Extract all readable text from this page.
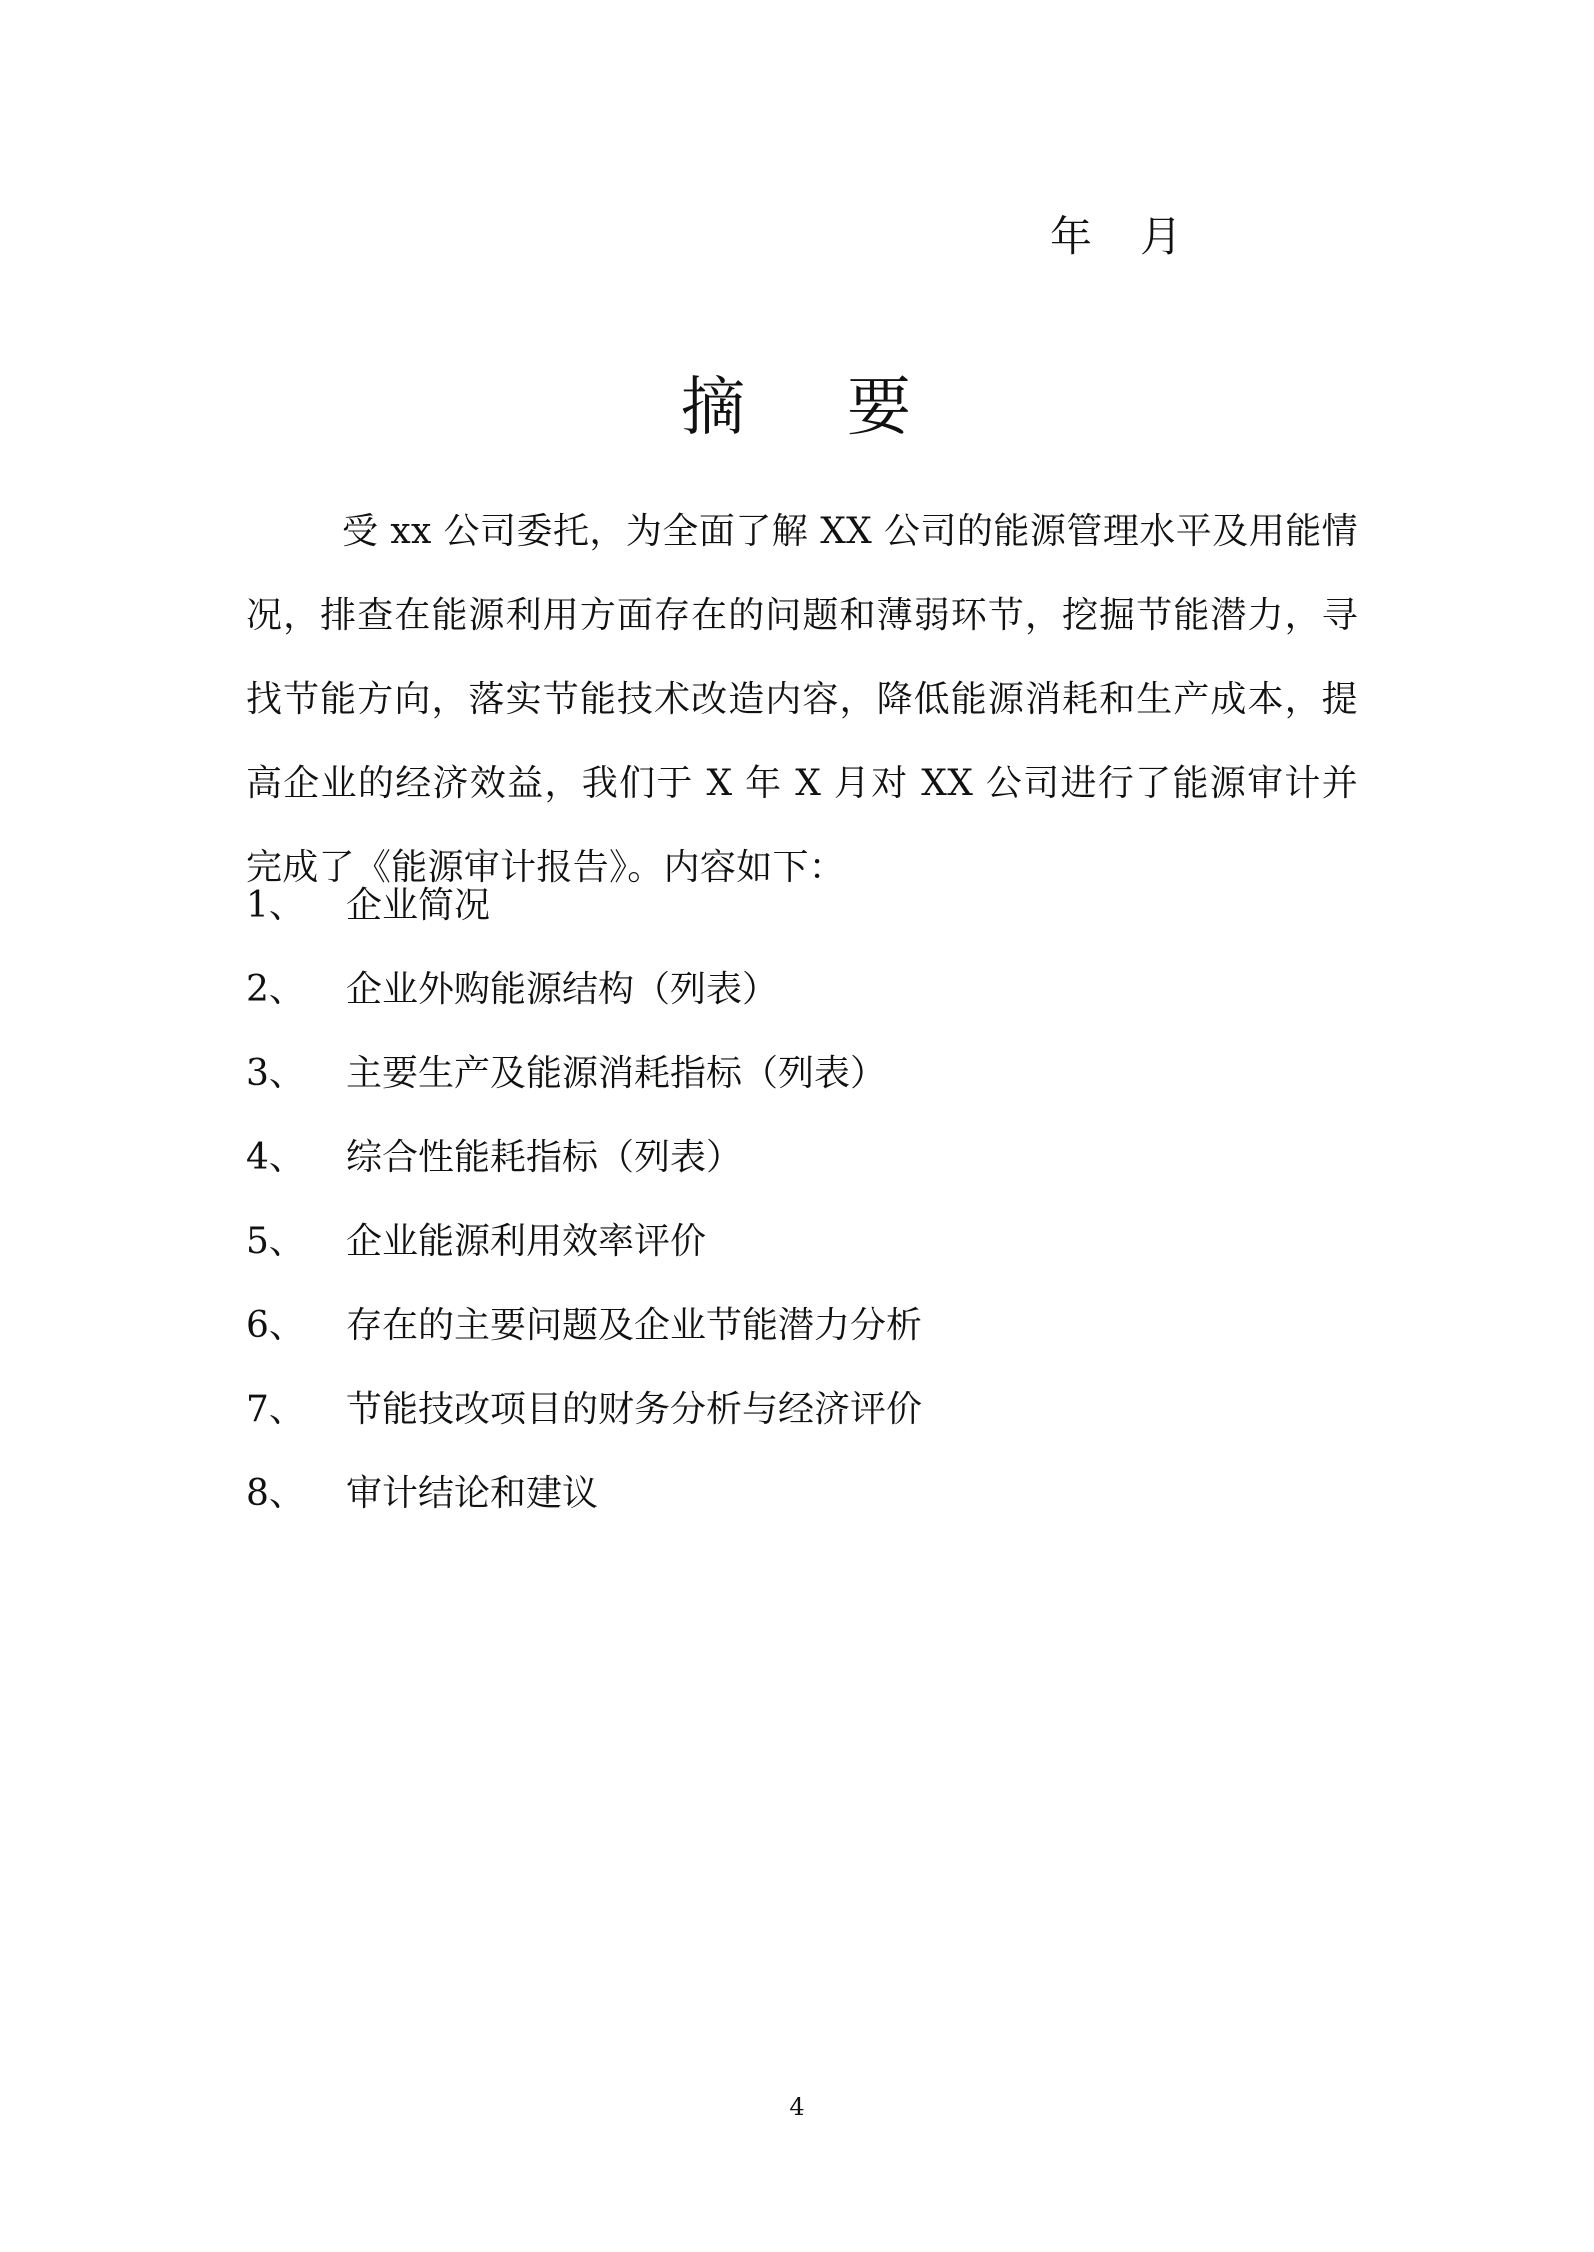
年 月
摘 要

受 xx 公司委托，为全面了解 XX 公司的能源管理水平及用能情况，排查在能源利用方面存在的问题和薄弱环节，挖掘节能潜力，寻找节能方向，落实节能技术改造内容，降低能源消耗和生产成本，提高企业的经济效益，我们于 X 年 X 月对 XX 公司进行了能源审计并完成了《能源审计报告》。内容如下：

1、	企业简况
2、	企业外购能源结构（列表）
3、	主要生产及能源消耗指标（列表）
4、	综合性能耗指标（列表）
5、	企业能源利用效率评价
6、	存在的主要问题及企业节能潜力分析
7、	节能技改项目的财务分析与经济评价
8、	审计结论和建议
4
